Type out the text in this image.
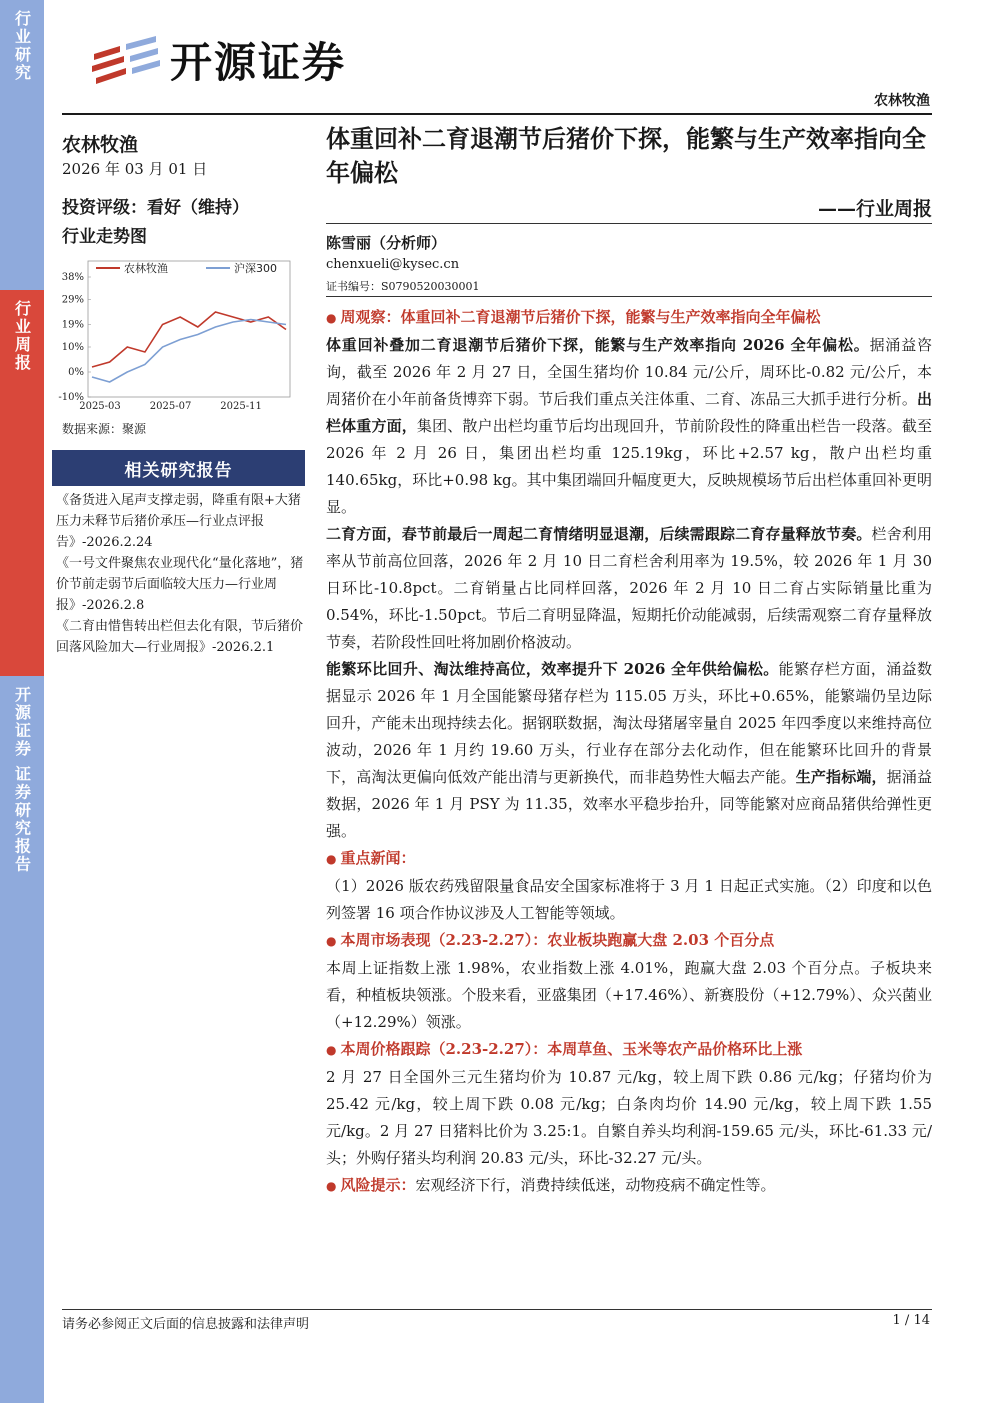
行业研究
行业周报
开源证券 证券研究报告
开源证券
农林牧渔
农林牧渔
2026 年 03 月 01 日
投资评级：看好（维持）
行业走势图
农林牧渔	沪深300
38%
29%
19%
10%
0%
-10%
2025-03	2025-07	2025-11
数据来源：聚源
相关研究报告

《备货进入尾声支撑走弱，降重有限+大猪压力未释节后猪价承压—行业点评报告》-2026.2.24

《一号文件聚焦农业现代化“量化落地”，猪价节前走弱节后面临较大压力—行业周报》-2026.2.8

《二育由惜售转出栏但去化有限，节后猪价回落风险加大—行业周报》-2026.2.1

体重回补二育退潮节后猪价下探，能繁与生产效率指向全年偏松
——行业周报
陈雪丽（分析师）
chenxueli@kysec.cn
证书编号：S0790520030001

● 周观察：体重回补二育退潮节后猪价下探，能繁与生产效率指向全年偏松

体重回补叠加二育退潮节后猪价下探，能繁与生产效率指向 2026 全年偏松。据涌益咨询，截至 2026 年 2 月 27 日，全国生猪均价 10.84 元/公斤，周环比-0.82 元/公斤，本周猪价在小年前备货博弈下弱。节后我们重点关注体重、二育、冻品三大抓手进行分析。出栏体重方面，集团、散户出栏均重节后均出现回升，节前阶段性的降重出栏告一段落。截至 2026 年 2 月 26 日，集团出栏均重 125.19kg，环比+2.57 kg，散户出栏均重 140.65kg，环比+0.98 kg。其中集团端回升幅度更大，反映规模场节后出栏体重回补更明显。

二育方面，春节前最后一周起二育情绪明显退潮，后续需跟踪二育存量释放节奏。栏舍利用率从节前高位回落，2026 年 2 月 10 日二育栏舍利用率为 19.5%，较 2026 年 1 月 30 日环比-10.8pct。二育销量占比同样回落，2026 年 2 月 10 日二育占实际销量比重为 0.54%，环比-1.50pct。节后二育明显降温，短期托价动能减弱，后续需观察二育存量释放节奏，若阶段性回吐将加剧价格波动。

能繁环比回升、淘汰维持高位，效率提升下 2026 全年供给偏松。能繁存栏方面，涌益数据显示 2026 年 1 月全国能繁母猪存栏为 115.05 万头，环比+0.65%，能繁端仍呈边际回升，产能未出现持续去化。据钢联数据，淘汰母猪屠宰量自 2025 年四季度以来维持高位波动，2026 年 1 月约 19.60 万头，行业存在部分去化动作，但在能繁环比回升的背景下，高淘汰更偏向低效产能出清与更新换代，而非趋势性大幅去产能。生产指标端，据涌益数据，2026 年 1 月 PSY 为 11.35，效率水平稳步抬升，同等能繁对应商品猪供给弹性更强。

● 重点新闻：

（1）2026 版农药残留限量食品安全国家标准将于 3 月 1 日起正式实施。（2）印度和以色列签署 16 项合作协议涉及人工智能等领域。

● 本周市场表现（2.23-2.27）：农业板块跑赢大盘 2.03 个百分点

本周上证指数上涨 1.98%，农业指数上涨 4.01%，跑赢大盘 2.03 个百分点。子板块来看，种植板块领涨。个股来看，亚盛集团（+17.46%）、新赛股份（+12.79%）、众兴菌业（+12.29%）领涨。

● 本周价格跟踪（2.23-2.27）：本周草鱼、玉米等农产品价格环比上涨

2 月 27 日全国外三元生猪均价为 10.87 元/kg，较上周下跌 0.86 元/kg；仔猪均价为 25.42 元/kg，较上周下跌 0.08 元/kg；白条肉均价 14.90 元/kg，较上周下跌 1.55 元/kg。2 月 27 日猪料比价为 3.25:1。自繁自养头均利润-159.65 元/头，环比-61.33 元/头；外购仔猪头均利润 20.83 元/头，环比-32.27 元/头。

● 风险提示：宏观经济下行，消费持续低迷，动物疫病不确定性等。

请务必参阅正文后面的信息披露和法律声明	1 / 14
